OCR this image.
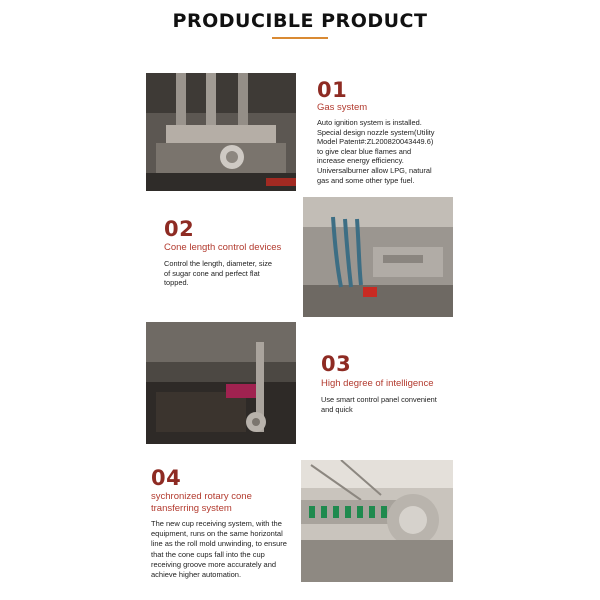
PRODUCIBLE PRODUCT
01
Gas system
Auto ignition system is installed.
Special design nozzle system(Utility
Model Patent#:ZL200820043449.6)
to give clear blue flames and
increase energy efficiency.
Universalburner allow LPG, natural
gas and some other type fuel.
02
Cone length control devices
Control the length, diameter, size
of sugar cone and perfect flat
topped.
03
High degree of intelligence
Use smart control panel convenient
and quick
04
sychronized rotary cone
transferring system
The new cup receiving system, with the
equipment, runs on the same horizontal
line as the roll mold unwinding, to ensure
that the cone cups fall into the cup
receiving groove more accurately and
achieve higher automation.
